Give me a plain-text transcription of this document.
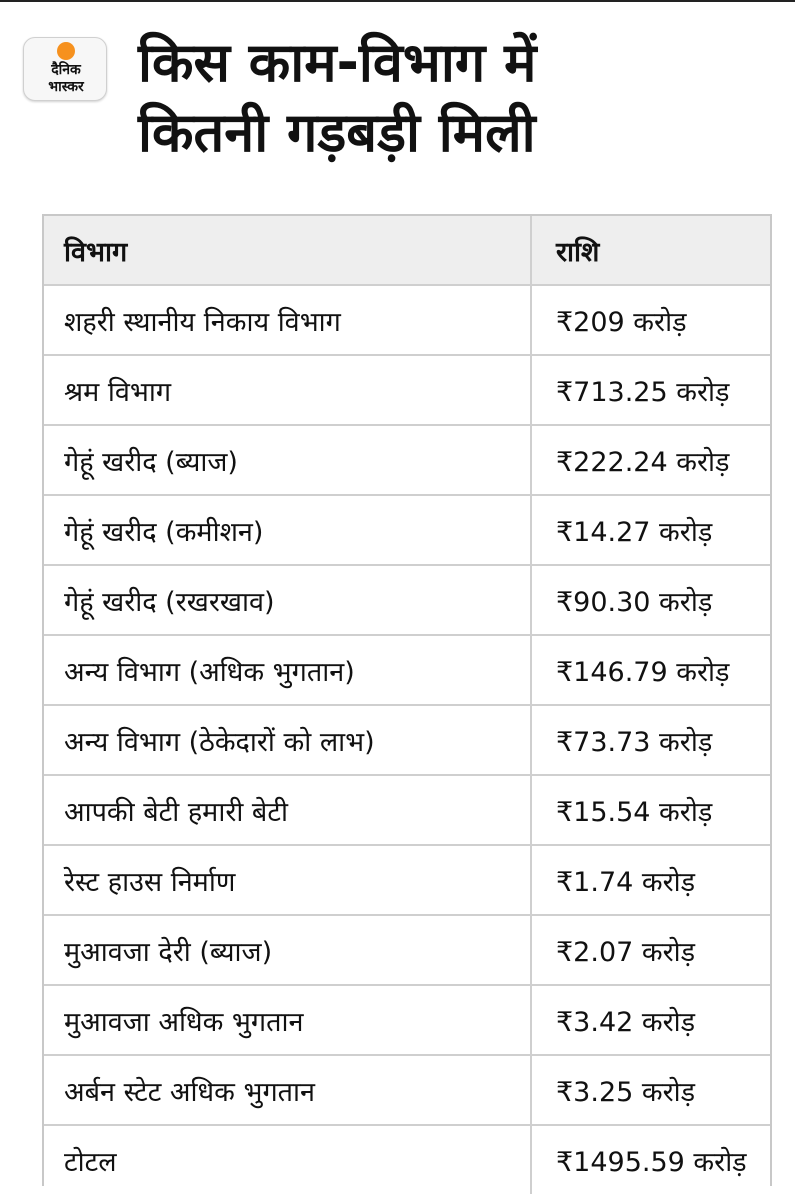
दैनिक
भास्कर	किस काम-विभाग में
कितनी गड़बड़ी मिली
विभाग	राशि
शहरी स्थानीय निकाय विभाग	₹209 करोड़
श्रम विभाग	₹713.25 करोड़
गेहूं खरीद (ब्याज)	₹222.24 करोड़
गेहूं खरीद (कमीशन)	₹14.27 करोड़
गेहूं खरीद (रखरखाव)	₹90.30 करोड़
अन्य विभाग (अधिक भुगतान)	₹146.79 करोड़
अन्य विभाग (ठेकेदारों को लाभ)	₹73.73 करोड़
आपकी बेटी हमारी बेटी	₹15.54 करोड़
रेस्ट हाउस निर्माण	₹1.74 करोड़
मुआवजा देरी (ब्याज)	₹2.07 करोड़
मुआवजा अधिक भुगतान	₹3.42 करोड़
अर्बन स्टेट अधिक भुगतान	₹3.25 करोड़
टोटल	₹1495.59 करोड़
